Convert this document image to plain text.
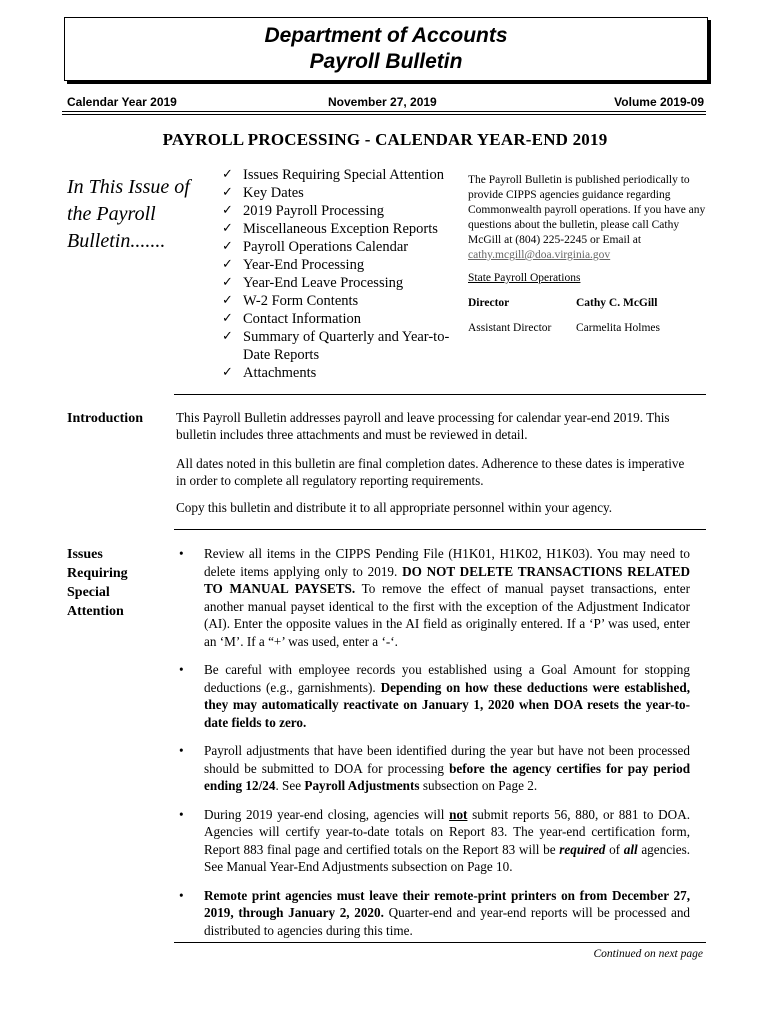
Department of Accounts
Payroll Bulletin
Calendar Year 2019	November 27, 2019	Volume 2019-09
PAYROLL PROCESSING - CALENDAR YEAR-END 2019
In This Issue of the Payroll Bulletin.......
✓ Issues Requiring Special Attention
✓ Key Dates
✓ 2019 Payroll Processing
✓ Miscellaneous Exception Reports
✓ Payroll Operations Calendar
✓ Year-End Processing
✓ Year-End Leave Processing
✓ W-2 Form Contents
✓ Contact Information
✓ Summary of Quarterly and Year-to-Date Reports
✓ Attachments
The Payroll Bulletin is published periodically to provide CIPPS agencies guidance regarding Commonwealth payroll operations. If you have any questions about the bulletin, please call Cathy McGill at (804) 225-2245 or Email at
cathy.mcgill@doa.virginia.gov
State Payroll Operations
Director	Cathy C. McGill
Assistant Director	Carmelita Holmes
Introduction	This Payroll Bulletin addresses payroll and leave processing for calendar year-end 2019. This bulletin includes three attachments and must be reviewed in detail.
All dates noted in this bulletin are final completion dates. Adherence to these dates is imperative in order to complete all regulatory reporting requirements.
Copy this bulletin and distribute it to all appropriate personnel within your agency.
Issues Requiring Special Attention
• Review all items in the CIPPS Pending File (H1K01, H1K02, H1K03). You may need to delete items applying only to 2019. DO NOT DELETE TRANSACTIONS RELATED TO MANUAL PAYSETS. To remove the effect of manual payset transactions, enter another manual payset identical to the first with the exception of the Adjustment Indicator (AI). Enter the opposite values in the AI field as originally entered. If a ‘P’ was used, enter an ‘M’. If a “+’ was used, enter a ‘-‘.
• Be careful with employee records you established using a Goal Amount for stopping deductions (e.g., garnishments). Depending on how these deductions were established, they may automatically reactivate on January 1, 2020 when DOA resets the year-to-date fields to zero.
• Payroll adjustments that have been identified during the year but have not been processed should be submitted to DOA for processing before the agency certifies for pay period ending 12/24. See Payroll Adjustments subsection on Page 2.
• During 2019 year-end closing, agencies will not submit reports 56, 880, or 881 to DOA. Agencies will certify year-to-date totals on Report 83. The year-end certification form, Report 883 final page and certified totals on the Report 83 will be required of all agencies. See Manual Year-End Adjustments subsection on Page 10.
• Remote print agencies must leave their remote-print printers on from December 27, 2019, through January 2, 2020. Quarter-end and year-end reports will be processed and distributed to agencies during this time.
Continued on next page
